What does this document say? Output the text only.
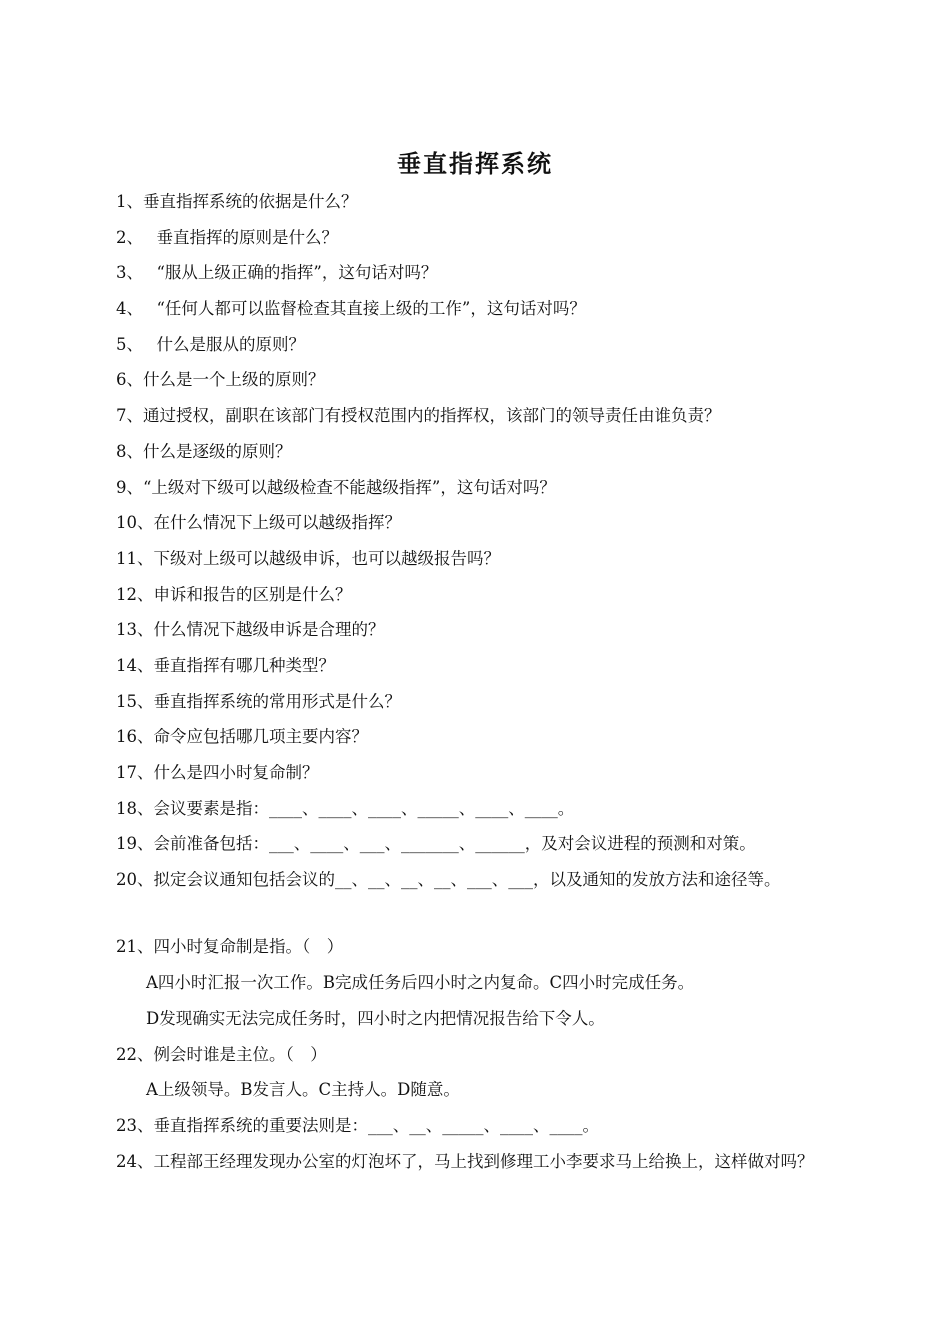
垂直指挥系统
1、垂直指挥系统的依据是什么？
2、　 垂直指挥的原则是什么？
3、　 “服从上级正确的指挥”，这句话对吗？
4、　 “任何人都可以监督检查其直接上级的工作”，这句话对吗？
5、　 什么是服从的原则？
6、什么是一个上级的原则？
7、通过授权，副职在该部门有授权范围内的指挥权，该部门的领导责任由谁负责？
8、什么是逐级的原则？
9、“上级对下级可以越级检查不能越级指挥”，这句话对吗？
10、在什么情况下上级可以越级指挥？
11、下级对上级可以越级申诉，也可以越级报告吗？
12、申诉和报告的区别是什么？
13、什么情况下越级申诉是合理的？
14、垂直指挥有哪几种类型？
15、垂直指挥系统的常用形式是什么？
16、命令应包括哪几项主要内容？
17、什么是四小时复命制？
18、会议要素是指：____、____、____、_____、____、____。
19、会前准备包括：___、____、___、_______、______，及对会议进程的预测和对策。
20、拟定会议通知包括会议的__、__、__、__、___、___，以及通知的发放方法和途径等。
21、四小时复命制是指。（　）
A四小时汇报一次工作。B完成任务后四小时之内复命。C四小时完成任务。
D发现确实无法完成任务时，四小时之内把情况报告给下令人。
22、例会时谁是主位。（　）
A上级领导。B发言人。C主持人。D随意。
23、垂直指挥系统的重要法则是：___、__、_____、____、____。
24、工程部王经理发现办公室的灯泡坏了，马上找到修理工小李要求马上给换上，这样做对吗？
